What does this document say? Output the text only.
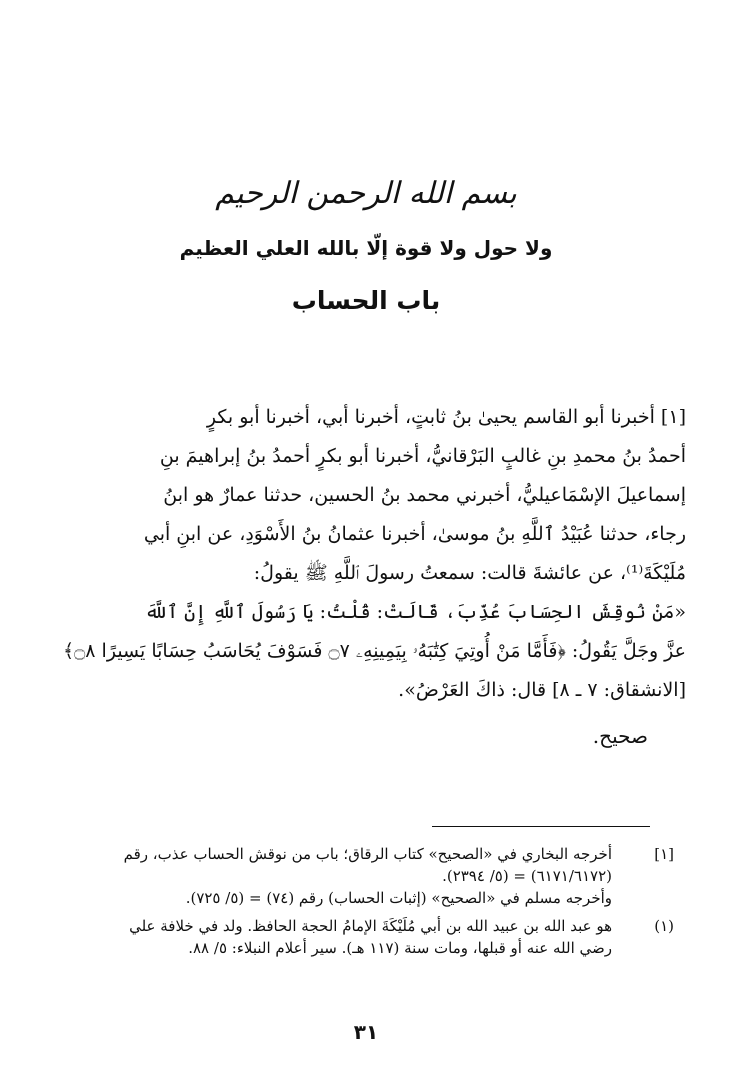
بسم الله الرحمن الرحيم
ولا حول ولا قوة إلّا بالله العلي العظيم
باب الحساب
[١] أخبرنا أبو القاسم يحيىٰ بنُ ثابتٍ، أخبرنا أبي، أخبرنا أبو بكرٍ
أحمدُ بنُ محمدِ بنِ غالبٍ البَرْقانيُّ، أخبرنا أبو بكرٍ أحمدُ بنُ إبراهيمَ بنِ
إسماعيلَ الإسْمَاعيليُّ، أخبرني محمد بنُ الحسين، حدثنا عمارٌ هو ابنُ
رجاء، حدثنا عُبَيْدُ ٱللَّهِ بنُ موسىٰ، أخبرنا عثمانُ بنُ الأَسْوَدِ، عن ابنِ أبي
مُلَيْكَةَ⁽¹⁾، عن عائشةَ قالت: سمعتُ رسولَ ٱللَّهِ ﷺ يقولُ:
«مَنْ نُوقِشَ الحِسَابَ عُذِّبَ، قَالَتْ: قُلْتُ: يَا رَسُولَ ٱللَّهِ إِنَّ ٱللَّهَ
عزَّ وجَلَّ يَقُولُ: ﴿فَأَمَّا مَنْ أُوتِيَ كِتَٰبَهُۥ بِيَمِينِهِۦ ۝٧ فَسَوْفَ يُحَاسَبُ حِسَابًا يَسِيرًا ۝٨﴾
[الانشقاق: ٧ ـ ٨] قال: ذاكَ العَرْضُ».
صحيح.
[١]
أخرجه البخاري في «الصحيح» كتاب الرقاق؛ باب من نوقش الحساب عذب، رقم
(٦١٧١/٦١٧٢) = (٥/ ٢٣٩٤).
وأخرجه مسلم في «الصحيح» (إثبات الحساب) رقم (٧٤) = (٥/ ٧٢٥).
(١)
هو عبد الله بن عبيد الله بن أبي مُلَيْكَةَ الإمامُ الحجة الحافظ. ولد في خلافة علي
رضي الله عنه أو قبلها، ومات سنة (١١٧ هـ). سير أعلام النبلاء: ٥/ ٨٨.
٣١
